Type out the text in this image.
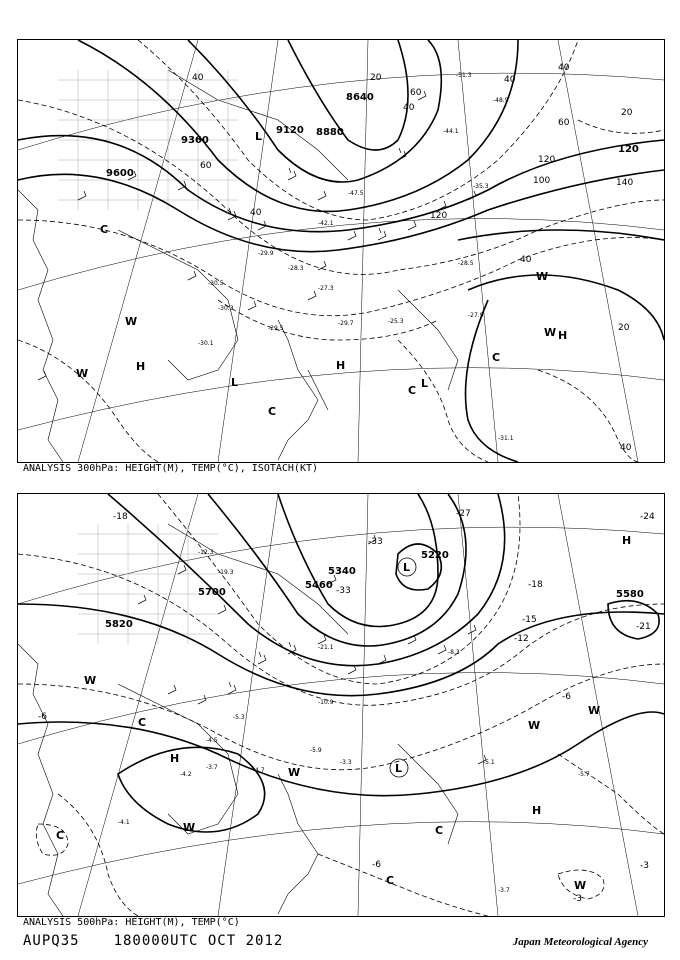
9600
9360
9120 8880
8640
40
60
40
60
40
20	40
60
120
100
120
140
120
40
20
40
20
40
-30.5
-29.9
-29.5
-28.3
-28.5
-27.3
-29.7	-25.3
-27.9
-31.1
-42.1
-47.5
-35.3
-44.1
-48.9
-51.3
-30.3
-30.1
C
W
W
H
L
C
H
L
C
C
W
W H
L
ANALYSIS 300hPa: HEIGHT(M), TEMP(°C), ISOTACH(KT)
5820
5700
5460
5340
5220
5580
-18	-27	-24
-33
-33
-18
-15
-12
-21
-6
-6
-3
-6
-3
-4.5
-5.3
-3.7
-4.2
-4.1
-4.7
-5.9
-3.3	-5.1
-5.7
-3.7
-12.3
-19.3
-21.1
-10.9
-8.3
L
L
H
W
C
C
W
W
W
H
C
C
W
H
W
ANALYSIS 500hPa: HEIGHT(M), TEMP(°C)
AUPQ35 180000UTC OCT 2012	Japan Meteorological Agency
